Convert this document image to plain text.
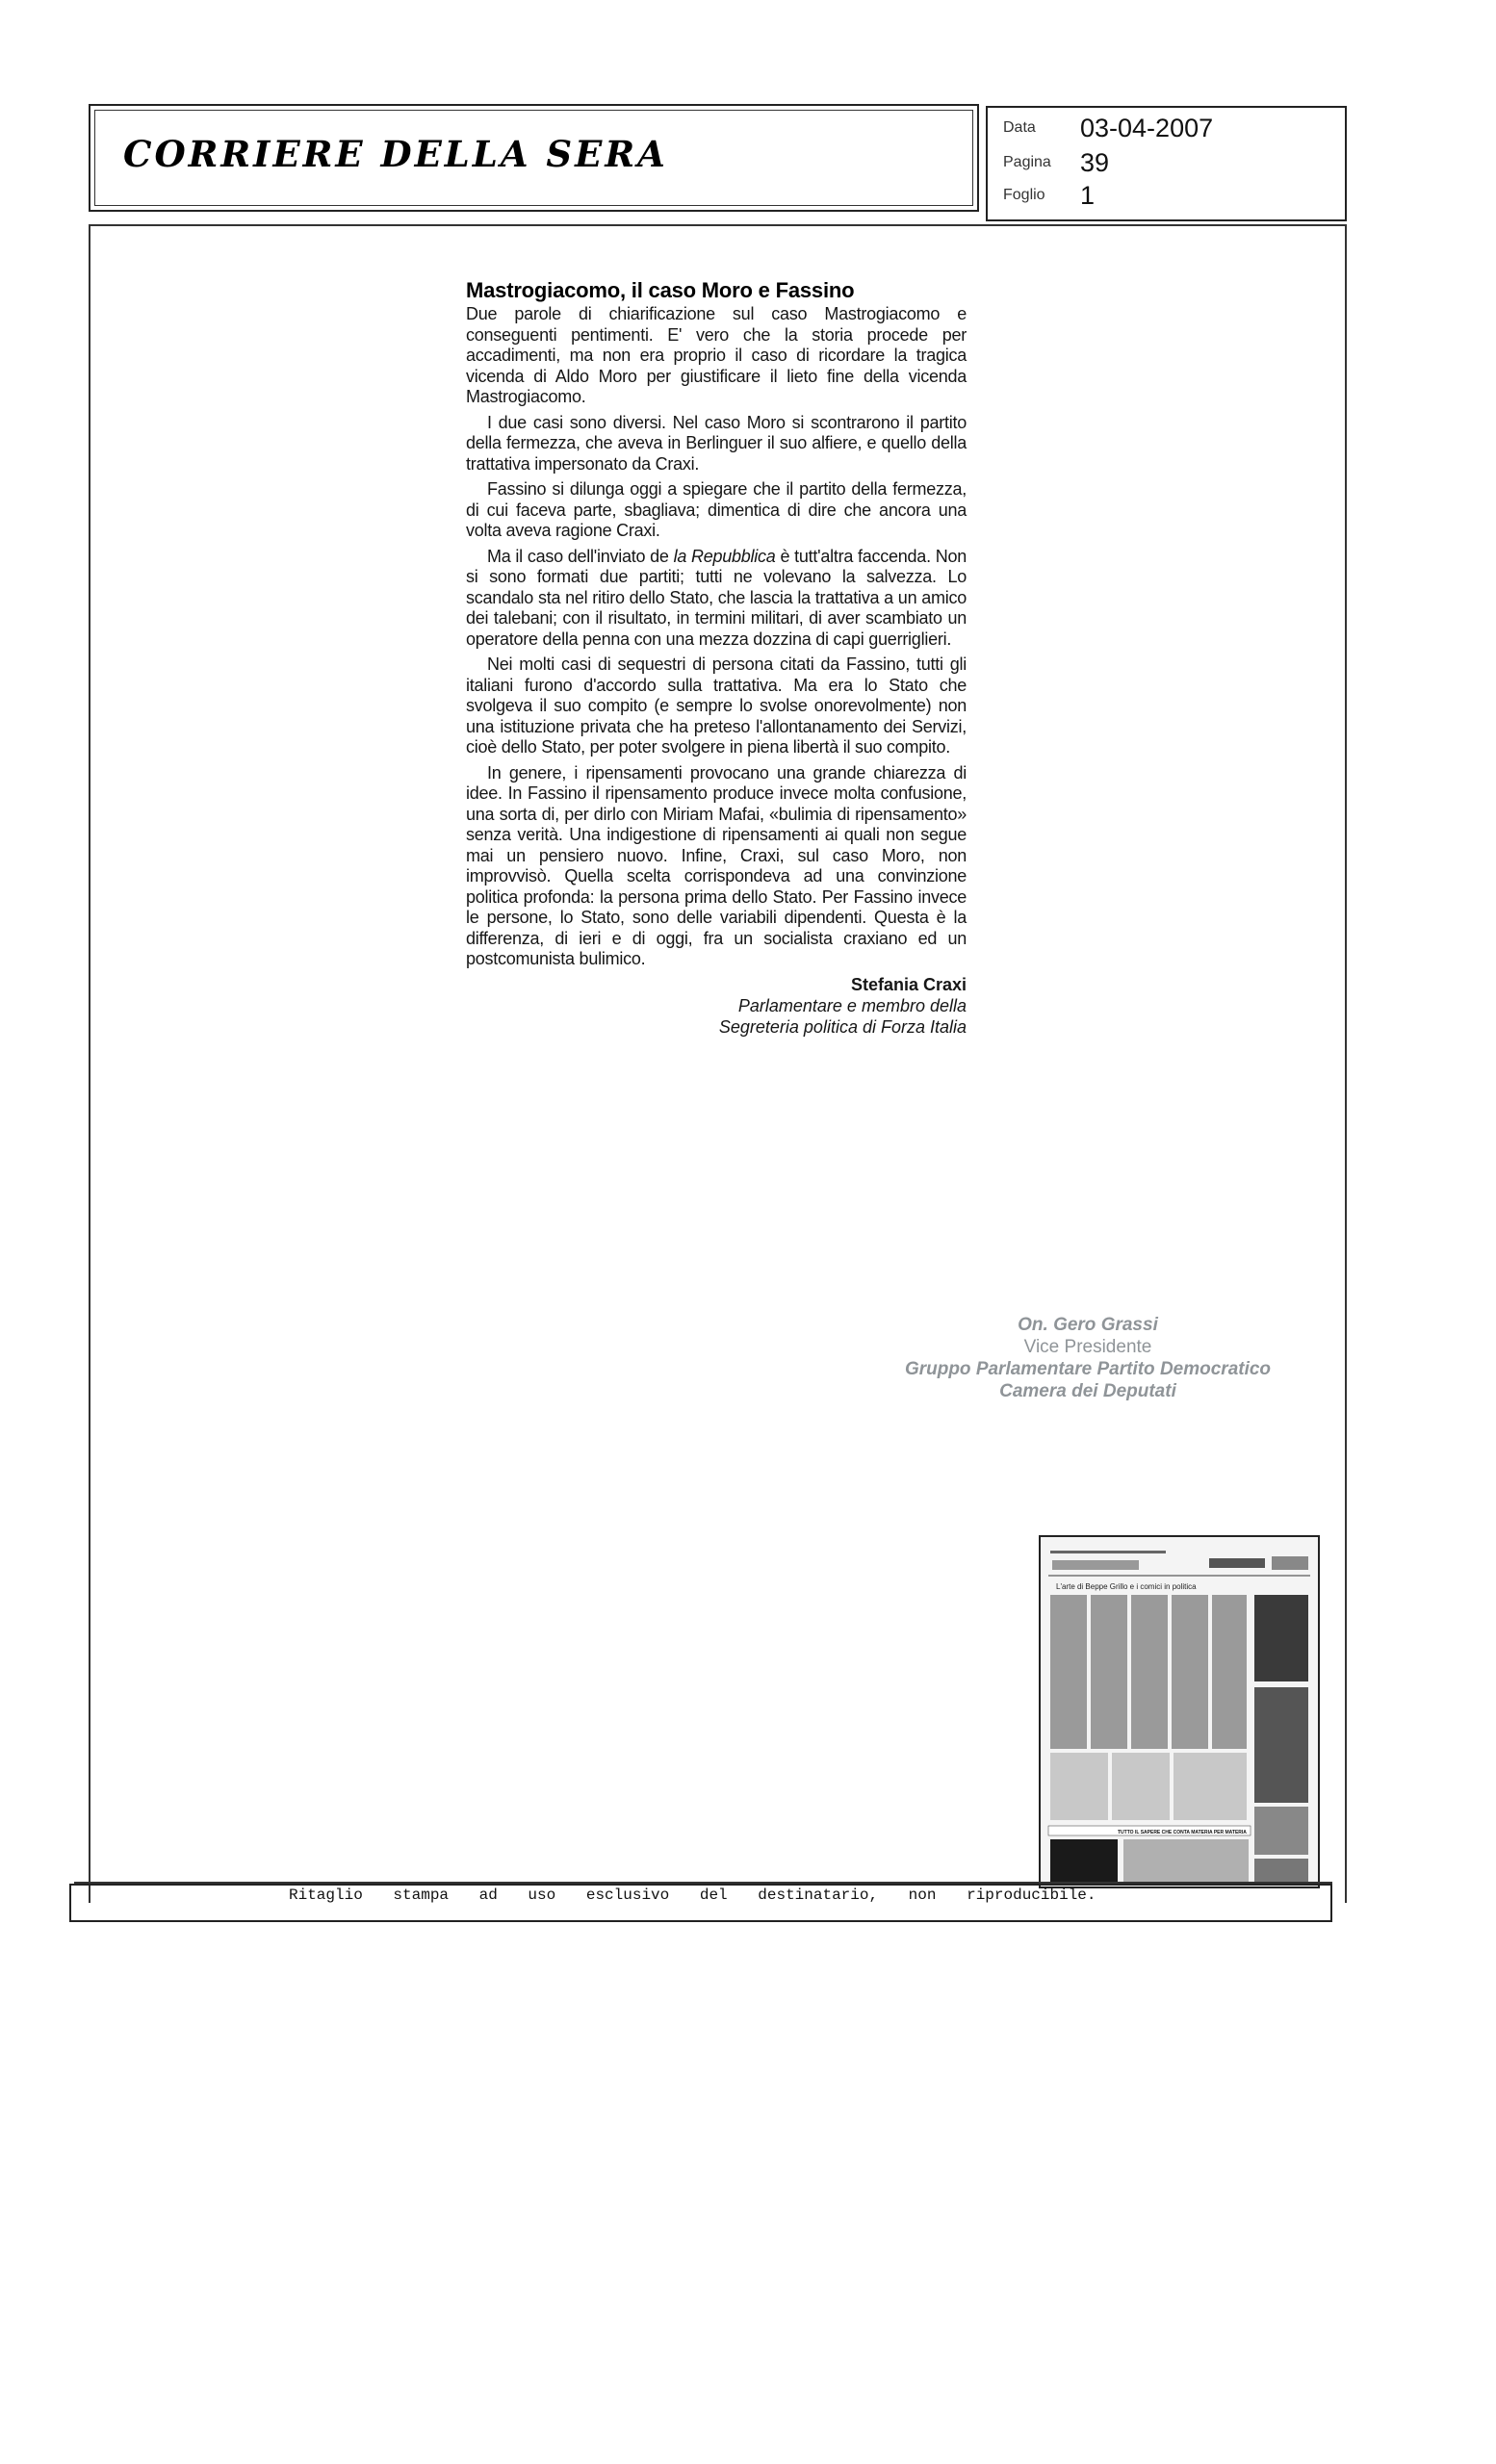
CORRIERE DELLA SERA
Data	03-04-2007
Pagina	39
Foglio	1
Mastrogiacomo, il caso Moro e Fassino

Due parole di chiarificazione sul caso Mastrogiacomo e conseguenti pentimenti. E' vero che la storia procede per accadimenti, ma non era proprio il caso di ricordare la tragica vicenda di Aldo Moro per giustificare il lieto fine della vicenda Mastrogiacomo.

I due casi sono diversi. Nel caso Moro si scontrarono il partito della fermezza, che aveva in Berlinguer il suo alfiere, e quello della trattativa impersonato da Craxi.

Fassino si dilunga oggi a spiegare che il partito della fermezza, di cui faceva parte, sbagliava; dimentica di dire che ancora una volta aveva ragione Craxi.

Ma il caso dell'inviato de la Repubblica è tutt'altra faccenda. Non si sono formati due partiti; tutti ne volevano la salvezza. Lo scandalo sta nel ritiro dello Stato, che lascia la trattativa a un amico dei talebani; con il risultato, in termini militari, di aver scambiato un operatore della penna con una mezza dozzina di capi guerriglieri.

Nei molti casi di sequestri di persona citati da Fassino, tutti gli italiani furono d'accordo sulla trattativa. Ma era lo Stato che svolgeva il suo compito (e sempre lo svolse onorevolmente) non una istituzione privata che ha preteso l'allontanamento dei Servizi, cioè dello Stato, per poter svolgere in piena libertà il suo compito.

In genere, i ripensamenti provocano una grande chiarezza di idee. In Fassino il ripensamento produce invece molta confusione, una sorta di, per dirlo con Miriam Mafai, «bulimia di ripensamento» senza verità. Una indigestione di ripensamenti ai quali non segue mai un pensiero nuovo. Infine, Craxi, sul caso Moro, non improvvisò. Quella scelta corrispondeva ad una convinzione politica profonda: la persona prima dello Stato. Per Fassino invece le persone, lo Stato, sono delle variabili dipendenti. Questa è la differenza, di ieri e di oggi, fra un socialista craxiano ed un postcomunista bulimico.

Stefania Craxi
Parlamentare e membro della
Segreteria politica di Forza Italia
On. Gero Grassi
Vice Presidente
Gruppo Parlamentare Partito Democratico
Camera dei Deputati
L'arte di Beppe Grillo e i comici in politica
TUTTO IL SAPERE CHE CONTA MATERIA PER MATERIA
Ritaglio stampa ad uso esclusivo del destinatario, non riproducibile.
